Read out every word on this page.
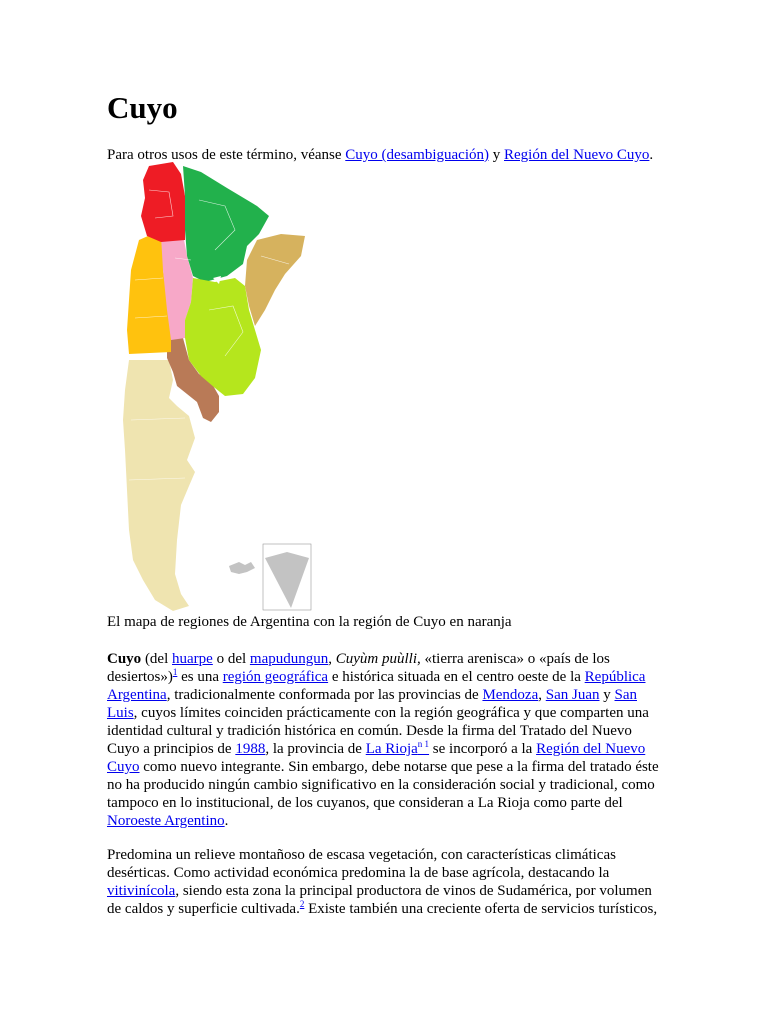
Cuyo

Para otros usos de este término, véanse Cuyo (desambiguación) y Región del Nuevo Cuyo.

El mapa de regiones de Argentina con la región de Cuyo en naranja

Cuyo (del huarpe o del mapudungun, Cuyùm puùlli, «tierra arenisca» o «país de los desiertos»)$^1$ es una región geográfica e histórica situada en el centro oeste de la República Argentina, tradicionalmente conformada por las provincias de Mendoza, San Juan y San Luis, cuyos límites coinciden prácticamente con la región geográfica y que comparten una identidad cultural y tradición histórica en común. Desde la firma del Tratado del Nuevo Cuyo a principios de 1988, la provincia de La Rioja$^{n 1}$ se incorporó a la Región del Nuevo Cuyo como nuevo integrante. Sin embargo, debe notarse que pese a la firma del tratado éste no ha producido ningún cambio significativo en la consideración social y tradicional, como tampoco en lo institucional, de los cuyanos, que consideran a La Rioja como parte del Noroeste Argentino.

Predomina un relieve montañoso de escasa vegetación, con características climáticas desérticas. Como actividad económica predomina la de base agrícola, destacando la vitivinícola, siendo esta zona la principal productora de vinos de Sudamérica, por volumen de caldos y superficie cultivada.$^2$ Existe también una creciente oferta de servicios turísticos,
